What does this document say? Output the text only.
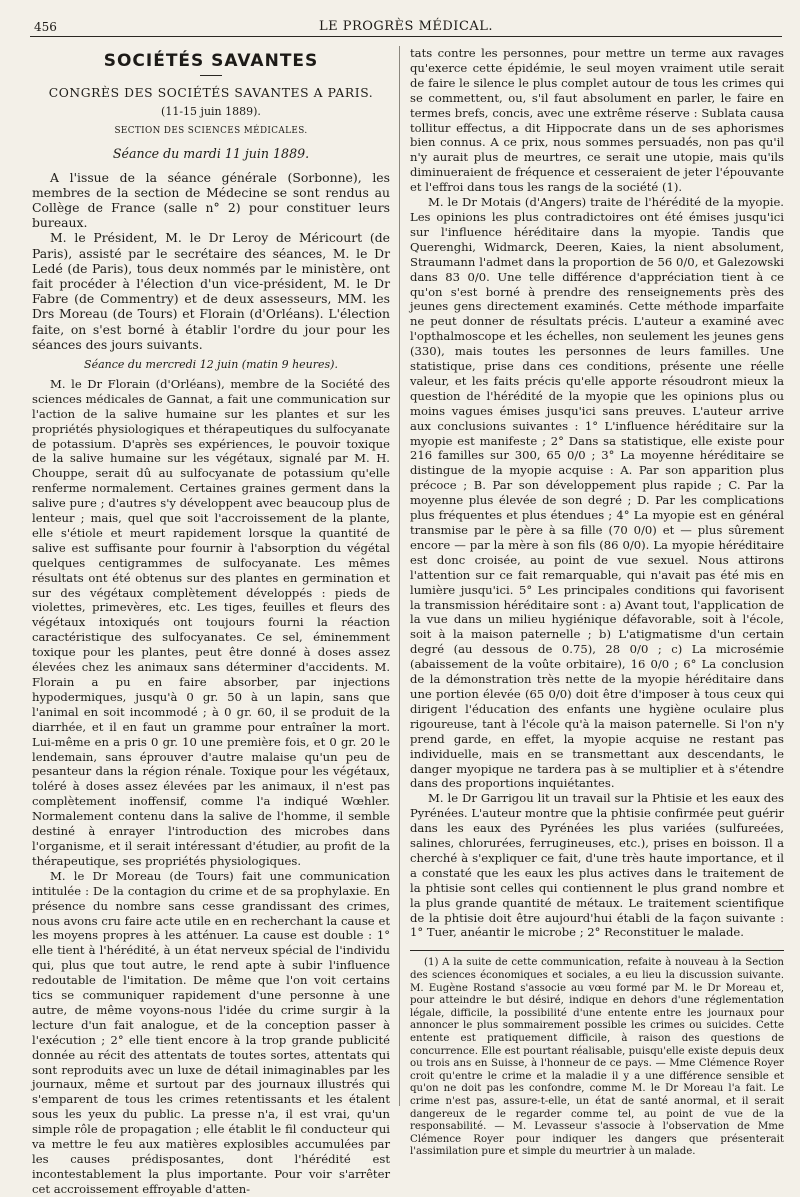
456	LE PROGRÈS MÉDICAL.
SOCIÉTÉS SAVANTES

CONGRÈS DES SOCIÉTÉS SAVANTES A PARIS.

(11-15 juin 1889).

SECTION DES SCIENCES MÉDICALES.

Séance du mardi 11 juin 1889.

A l'issue de la séance générale (Sorbonne), les membres de la section de Médecine se sont rendus au Collège de France (salle n° 2) pour constituer leurs bureaux.

M. le Président, M. le Dr Leroy de Méricourt (de Paris), assisté par le secrétaire des séances, M. le Dr Ledé (de Paris), tous deux nommés par le ministère, ont fait procéder à l'élection d'un vice-président, M. le Dr Fabre (de Commentry) et de deux assesseurs, MM. les Drs Moreau (de Tours) et Florain (d'Orléans). L'élection faite, on s'est borné à établir l'ordre du jour pour les séances des jours suivants.

Séance du mercredi 12 juin (matin 9 heures).

M. le Dr Florain (d'Orléans), membre de la Société des sciences médicales de Gannat, a fait une communication sur l'action de la salive humaine sur les plantes et sur les propriétés physiologiques et thérapeutiques du sulfocyanate de potassium. D'après ses expériences, le pouvoir toxique de la salive humaine sur les végétaux, signalé par M. H. Chouppe, serait dû au sulfocyanate de potassium qu'elle renferme normalement. Certaines graines germent dans la salive pure ; d'autres s'y développent avec beaucoup plus de lenteur ; mais, quel que soit l'accroissement de la plante, elle s'étiole et meurt rapidement lorsque la quantité de salive est suffisante pour fournir à l'absorption du végétal quelques centigrammes de sulfocyanate. Les mêmes résultats ont été obtenus sur des plantes en germination et sur des végétaux complètement développés : pieds de violettes, primevères, etc. Les tiges, feuilles et fleurs des végétaux intoxiqués ont toujours fourni la réaction caractéristique des sulfocyanates. Ce sel, éminemment toxique pour les plantes, peut être donné à doses assez élevées chez les animaux sans déterminer d'accidents. M. Florain a pu en faire absorber, par injections hypodermiques, jusqu'à 0 gr. 50 à un lapin, sans que l'animal en soit incommodé ; à 0 gr. 60, il se produit de la diarrhée, et il en faut un gramme pour entraîner la mort. Lui-même en a pris 0 gr. 10 une première fois, et 0 gr. 20 le lendemain, sans éprouver d'autre malaise qu'un peu de pesanteur dans la région rénale. Toxique pour les végétaux, toléré à doses assez élevées par les animaux, il n'est pas complètement inoffensif, comme l'a indiqué Wœhler. Normalement contenu dans la salive de l'homme, il semble destiné à enrayer l'introduction des microbes dans l'organisme, et il serait intéressant d'étudier, au profit de la thérapeutique, ses propriétés physiologiques.

M. le Dr Moreau (de Tours) fait une communication intitulée : De la contagion du crime et de sa prophylaxie. En présence du nombre sans cesse grandissant des crimes, nous avons cru faire acte utile en en recherchant la cause et les moyens propres à les atténuer. La cause est double : 1° elle tient à l'hérédité, à un état nerveux spécial de l'individu qui, plus que tout autre, le rend apte à subir l'influence redoutable de l'imitation. De même que l'on voit certains tics se communiquer rapidement d'une personne à une autre, de même voyons-nous l'idée du crime surgir à la lecture d'un fait analogue, et de la conception passer à l'exécution ; 2° elle tient encore à la trop grande publicité donnée au récit des attentats de toutes sortes, attentats qui sont reproduits avec un luxe de détail inimaginables par les journaux, même et surtout par des journaux illustrés qui s'emparent de tous les crimes retentissants et les étalent sous les yeux du public. La presse n'a, il est vrai, qu'un simple rôle de propagation ; elle établit le fil conducteur qui va mettre le feu aux matières explosibles accumulées par les causes prédisposantes, dont l'hérédité est incontestablement la plus importante. Pour voir s'arrêter cet accroissement effroyable d'atten-

tats contre les personnes, pour mettre un terme aux ravages qu'exerce cette épidémie, le seul moyen vraiment utile serait de faire le silence le plus complet autour de tous les crimes qui se commettent, ou, s'il faut absolument en parler, le faire en termes brefs, concis, avec une extrême réserve : Sublata causa tollitur effectus, a dit Hippocrate dans un de ses aphorismes bien connus. A ce prix, nous sommes persuadés, non pas qu'il n'y aurait plus de meurtres, ce serait une utopie, mais qu'ils diminueraient de fréquence et cesseraient de jeter l'épouvante et l'effroi dans tous les rangs de la société (1).

M. le Dr Motais (d'Angers) traite de l'hérédité de la myopie. Les opinions les plus contradictoires ont été émises jusqu'ici sur l'influence héréditaire dans la myopie. Tandis que Querenghi, Widmarck, Deeren, Kaies, la nient absolument, Straumann l'admet dans la proportion de 56 0/0, et Galezowski dans 83 0/0. Une telle différence d'appréciation tient à ce qu'on s'est borné à prendre des renseignements près des jeunes gens directement examinés. Cette méthode imparfaite ne peut donner de résultats précis. L'auteur a examiné avec l'opthalmoscope et les échelles, non seulement les jeunes gens (330), mais toutes les personnes de leurs familles. Une statistique, prise dans ces conditions, présente une réelle valeur, et les faits précis qu'elle apporte résoudront mieux la question de l'hérédité de la myopie que les opinions plus ou moins vagues émises jusqu'ici sans preuves. L'auteur arrive aux conclusions suivantes : 1° L'influence héréditaire sur la myopie est manifeste ; 2° Dans sa statistique, elle existe pour 216 familles sur 300, 65 0/0 ; 3° La moyenne héréditaire se distingue de la myopie acquise : A. Par son apparition plus précoce ; B. Par son développement plus rapide ; C. Par la moyenne plus élevée de son degré ; D. Par les complications plus fréquentes et plus étendues ; 4° La myopie est en général transmise par le père à sa fille (70 0/0) et — plus sûrement encore — par la mère à son fils (86 0/0). La myopie héréditaire est donc croisée, au point de vue sexuel. Nous attirons l'attention sur ce fait remarquable, qui n'avait pas été mis en lumière jusqu'ici. 5° Les principales conditions qui favorisent la transmission héréditaire sont : a) Avant tout, l'application de la vue dans un milieu hygiénique défavorable, soit à l'école, soit à la maison paternelle ; b) L'atigmatisme d'un certain degré (au dessous de 0.75), 28 0/0 ; c) La microsémie (abaissement de la voûte orbitaire), 16 0/0 ; 6° La conclusion de la démonstration très nette de la myopie héréditaire dans une portion élevée (65 0/0) doit être d'imposer à tous ceux qui dirigent l'éducation des enfants une hygiène oculaire plus rigoureuse, tant à l'école qu'à la maison paternelle. Si l'on n'y prend garde, en effet, la myopie acquise ne restant pas individuelle, mais en se transmettant aux descendants, le danger myopique ne tardera pas à se multiplier et à s'étendre dans des proportions inquiétantes.

M. le Dr Garrigou lit un travail sur la Phtisie et les eaux des Pyrénées. L'auteur montre que la phtisie confirmée peut guérir dans les eaux des Pyrénées les plus variées (sulfureées, salines, chlorurées, ferrugineuses, etc.), prises en boisson. Il a cherché à s'expliquer ce fait, d'une très haute importance, et il a constaté que les eaux les plus actives dans le traitement de la phtisie sont celles qui contiennent le plus grand nombre et la plus grande quantité de métaux. Le traitement scientifique de la phtisie doit être aujourd'hui établi de la façon suivante : 1° Tuer, anéantir le microbe ; 2° Reconstituer le malade.

(1) A la suite de cette communication, refaite à nouveau à la Section des sciences économiques et sociales, a eu lieu la discussion suivante. M. Eugène Rostand s'associe au vœu formé par M. le Dr Moreau et, pour atteindre le but désiré, indique en dehors d'une réglementation légale, difficile, la possibilité d'une entente entre les journaux pour annoncer le plus sommairement possible les crimes ou suicides. Cette entente est pratiquement difficile, à raison des questions de concurrence. Elle est pourtant réalisable, puisqu'elle existe depuis deux ou trois ans en Suisse, à l'honneur de ce pays. — Mme Clémence Royer croit qu'entre le crime et la maladie il y a une différence sensible et qu'on ne doit pas les confondre, comme M. le Dr Moreau l'a fait. Le crime n'est pas, assure-t-elle, un état de santé anormal, et il serait dangereux de le regarder comme tel, au point de vue de la responsabilité. — M. Levasseur s'associe à l'observation de Mme Clémence Royer pour indiquer les dangers que présenterait l'assimilation pure et simple du meurtrier à un malade.
